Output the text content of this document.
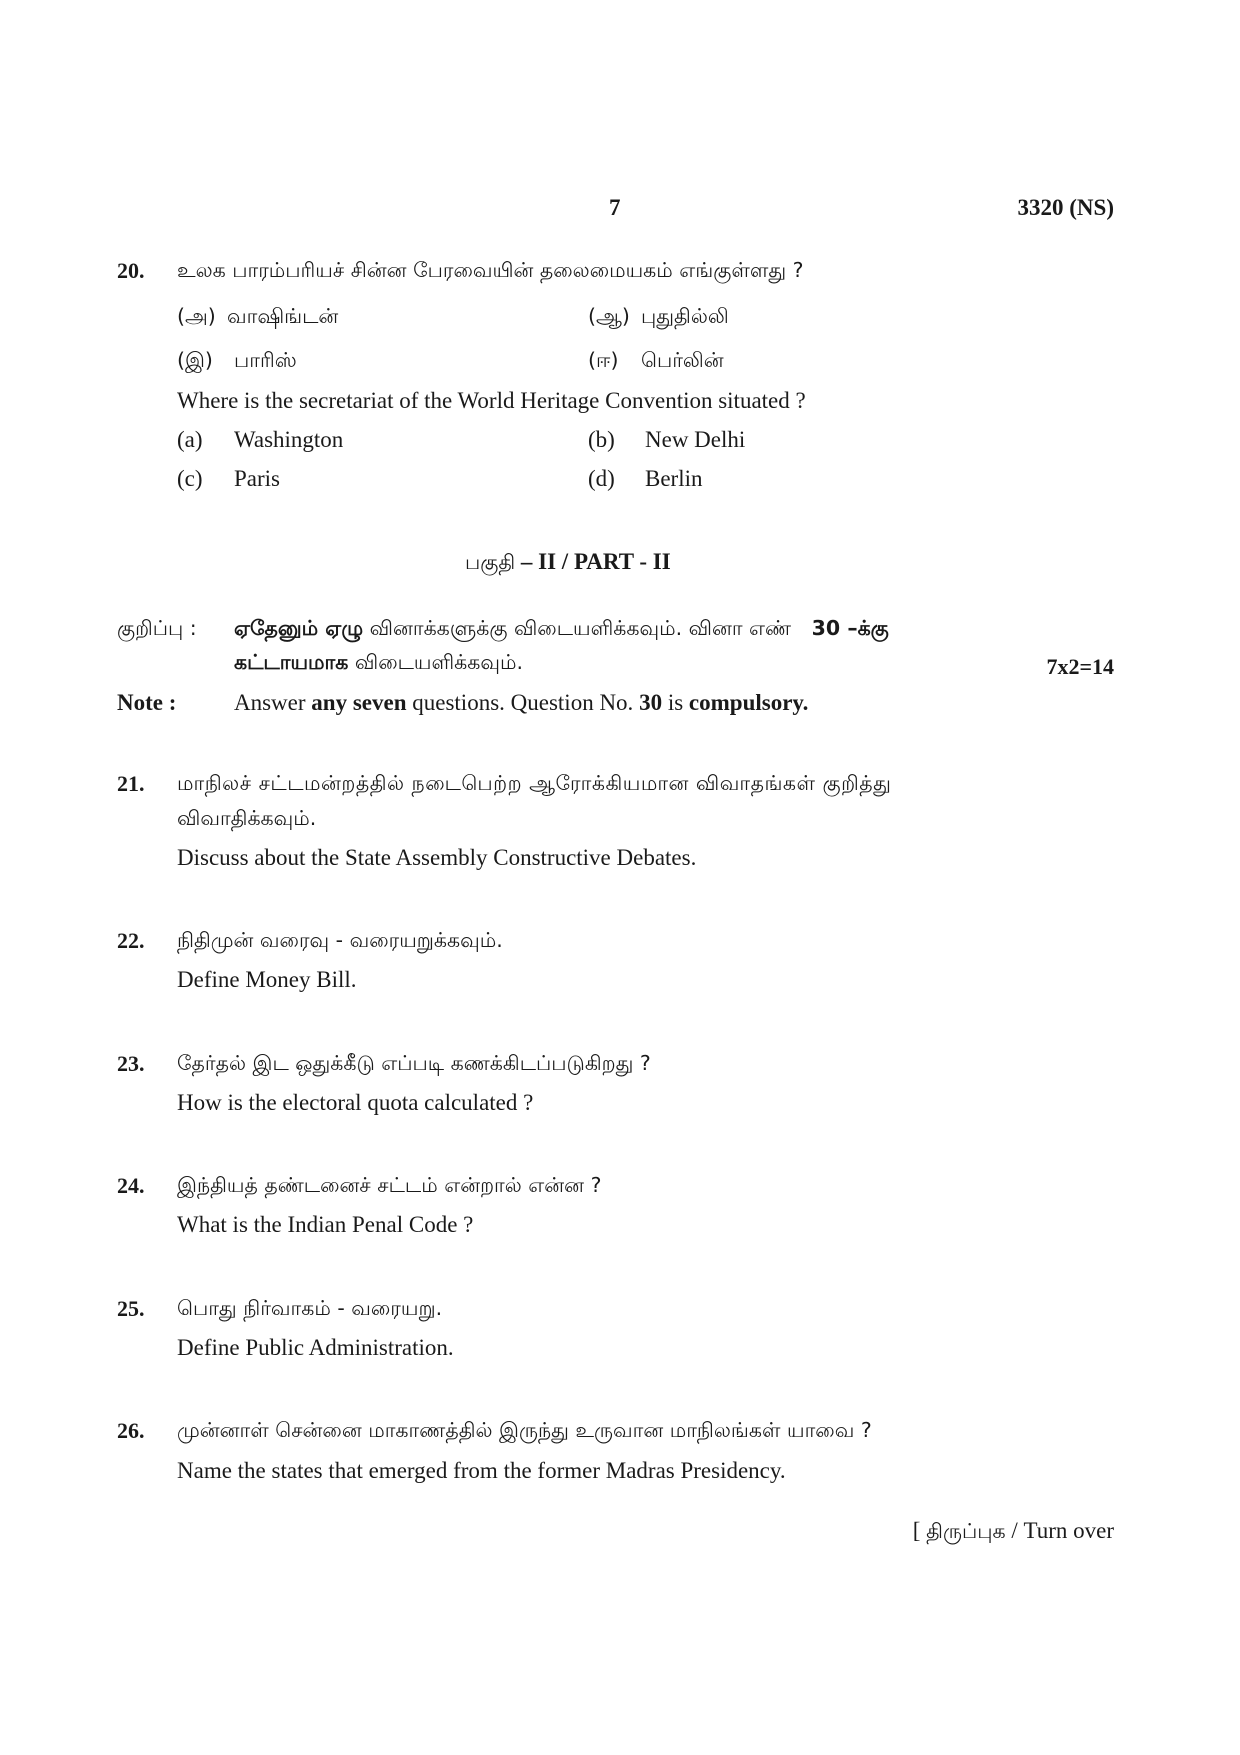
7	3320 (NS)
20. உலக பாரம்பரியச் சின்ன பேரவையின் தலைமையகம் எங்குள்ளது ?
(அ) வாஷிங்டன்	(ஆ) புதுதில்லி
(இ) பாரிஸ்	(ஈ) பெர்லின்
Where is the secretariat of the World Heritage Convention situated ?
(a) Washington	(b) New Delhi
(c) Paris	(d) Berlin
பகுதி – II / PART - II
குறிப்பு : ஏதேனும் ஏழு வினாக்களுக்கு விடையளிக்கவும். வினா எண் 30 –க்கு
கட்டாயமாக விடையளிக்கவும்.	7x2=14
Note :	Answer any seven questions. Question No. 30 is compulsory.
21. மாநிலச் சட்டமன்றத்தில் நடைபெற்ற ஆரோக்கியமான விவாதங்கள் குறித்து
விவாதிக்கவும்.
Discuss about the State Assembly Constructive Debates.
22. நிதிமுன் வரைவு - வரையறுக்கவும்.
Define Money Bill.
23. தேர்தல் இட ஒதுக்கீடு எப்படி கணக்கிடப்படுகிறது ?
How is the electoral quota calculated ?
24. இந்தியத் தண்டனைச் சட்டம் என்றால் என்ன ?
What is the Indian Penal Code ?
25. பொது நிர்வாகம் - வரையறு.
Define Public Administration.
26. முன்னாள் சென்னை மாகாணத்தில் இருந்து உருவான மாநிலங்கள் யாவை ?
Name the states that emerged from the former Madras Presidency.
[ திருப்புக / Turn over
